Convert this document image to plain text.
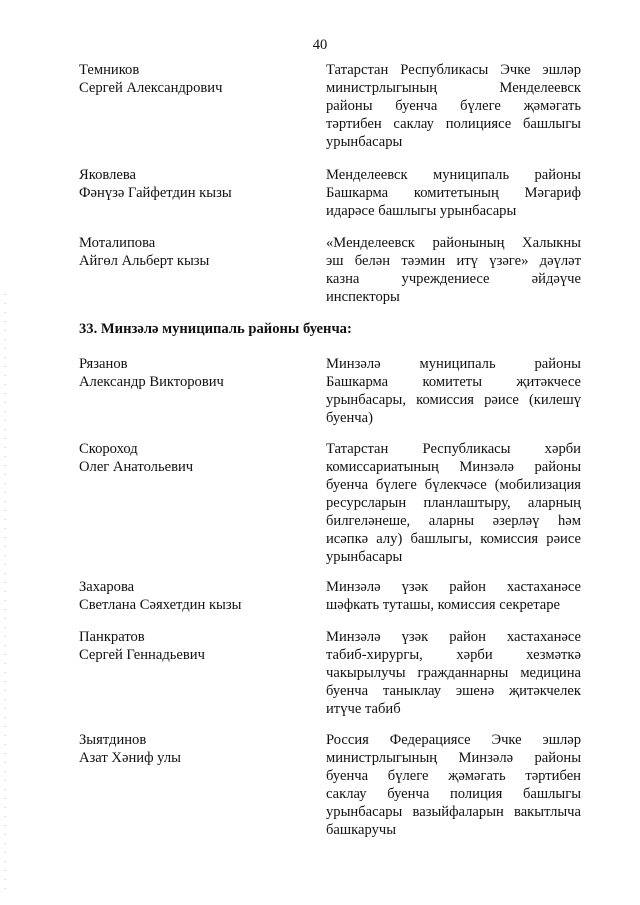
40
Темников
Сергей Александрович
Татарстан Республикасы Эчке эшләр
министрлыгының Менделеевск
районы буенча бүлеге җәмәгать
тәртибен саклау полициясе башлыгы
урынбасары
Яковлева
Фәнүзә Гайфетдин кызы
Менделеевск муниципаль районы
Башкарма комитетының Мәгариф
идарәсе башлыгы урынбасары
Моталипова
Айгөл Альберт кызы
«Менделеевск районының Халыкны
эш белән тәэмин итү үзәге» дәүләт
казна учреждениесе әйдәүче
инспекторы
33. Минзәлә муниципаль районы буенча:
Рязанов
Александр Викторович
Минзәлә муниципаль районы
Башкарма комитеты җитәкчесе
урынбасары, комиссия рәисе (килешү
буенча)
Скороход
Олег Анатольевич
Татарстан Республикасы хәрби
комиссариатының Минзәлә районы
буенча бүлеге бүлекчәсе (мобилизация
ресурсларын планлаштыру, аларның
билгеләнеше, аларны әзерләү һәм
исәпкә алу) башлыгы, комиссия рәисе
урынбасары
Захарова
Светлана Сәяхетдин кызы
Минзәлә үзәк район хастаханәсе
шәфкать туташы, комиссия секретаре
Панкратов
Сергей Геннадьевич
Минзәлә үзәк район хастаханәсе
табиб-хирургы, хәрби хезмәткә
чакырылучы гражданнарны медицина
буенча таныклау эшенә җитәкчелек
итүче табиб
Зыятдинов
Азат Хәниф улы
Россия Федерациясе Эчке эшләр
министрлыгының Минзәлә районы
буенча бүлеге җәмәгать тәртибен
саклау буенча полиция башлыгы
урынбасары вазыйфаларын вакытлыча
башкаручы
